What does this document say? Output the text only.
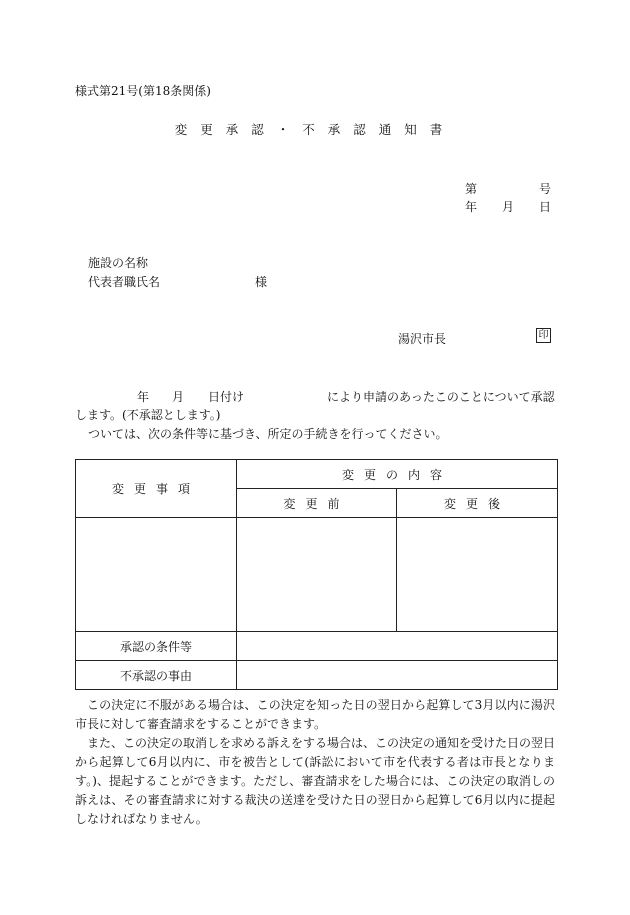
様式第21号(第18条関係)
変更承認・不承認通知書
第	号
年 月 日
施設の名称
代表者職氏名	様
湯沢市長	印
年 月 日付け	により申請のあったこのことについて承認
します。(不承認とします。)
ついては、次の条件等に基づき、所定の手続きを行ってください。
変更事項	変更の内容	
	変更前	変更後

承認の条件等		
不承認の事由		

この決定に不服がある場合は、この決定を知った日の翌日から起算して3月以内に湯沢市長に対して審査請求をすることができます。

また、この決定の取消しを求める訴えをする場合は、この決定の通知を受けた日の翌日から起算して6月以内に、市を被告として(訴訟において市を代表する者は市長となります。)、提起することができます。ただし、審査請求をした場合には、この決定の取消しの訴えは、その審査請求に対する裁決の送達を受けた日の翌日から起算して6月以内に提起しなければなりません。
